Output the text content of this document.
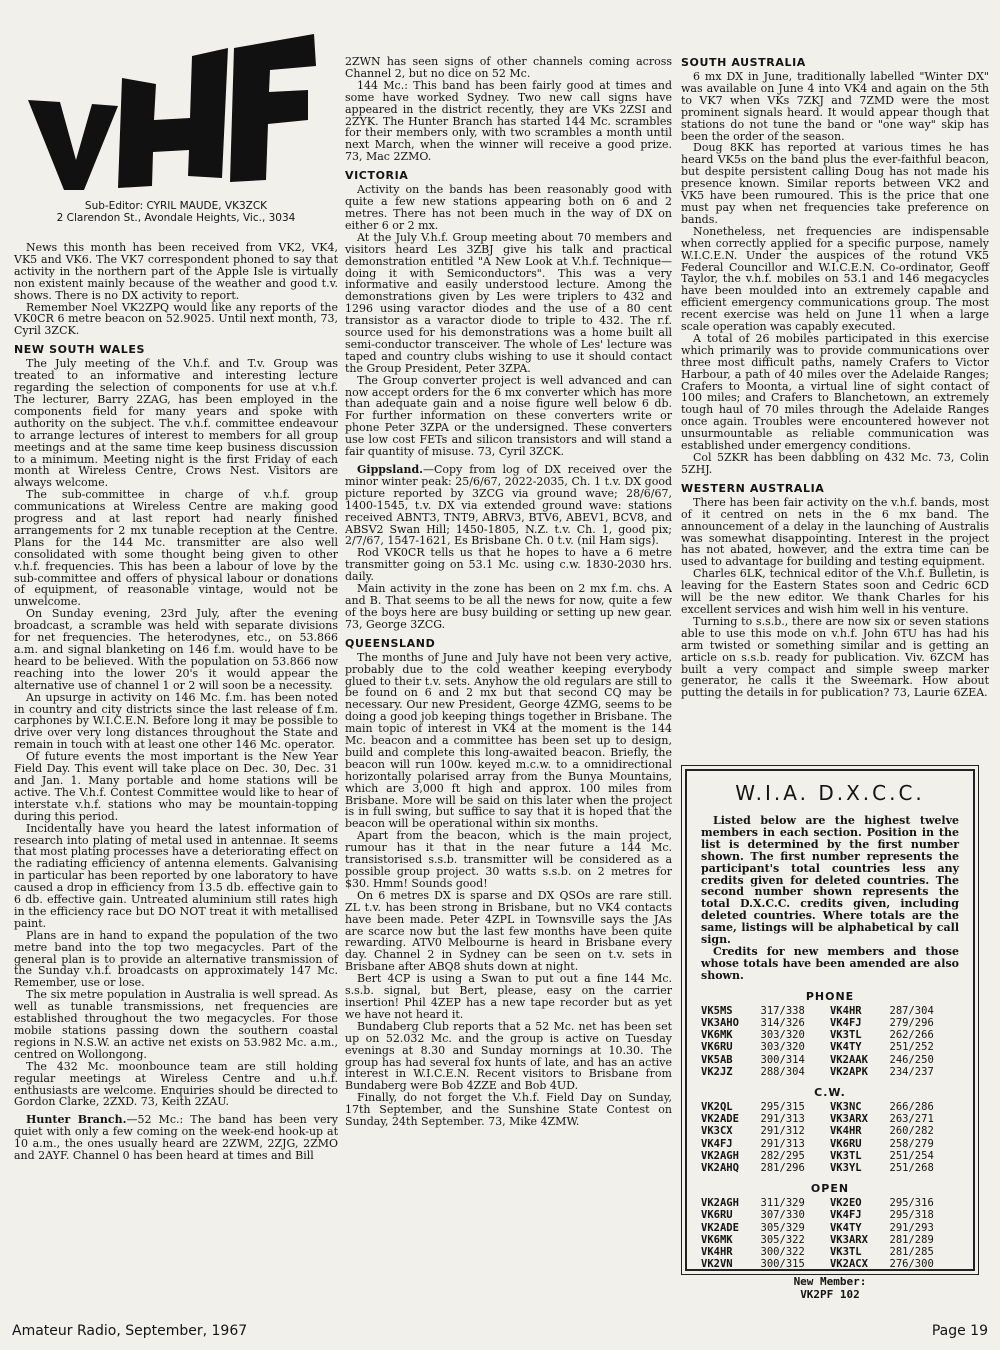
Sub-Editor: CYRIL MAUDE, VK3ZCK
2 Clarendon St., Avondale Heights, Vic., 3034

News this month has been received from VK2, VK4, VK5 and VK6. The VK7 correspondent phoned to say that activity in the northern part of the Apple Isle is virtually non existent mainly because of the weather and good t.v. shows. There is no DX activity to report.

Remember Noel VK2ZPQ would like any reports of the VK0CR 6 metre beacon on 52.9025. Until next month, 73, Cyril 3ZCK.

NEW SOUTH WALES

The July meeting of the V.h.f. and T.v. Group was treated to an informative and interesting lecture regarding the selection of components for use at v.h.f. The lecturer, Barry 2ZAG, has been employed in the components field for many years and spoke with authority on the subject. The v.h.f. committee endeavour to arrange lectures of interest to members for all group meetings and at the same time keep business discussion to a minimum. Meeting night is the first Friday of each month at Wireless Centre, Crows Nest. Visitors are always welcome.

The sub-committee in charge of v.h.f. group communications at Wireless Centre are making good progress and at last report had nearly finished arrangements for 2 mx tunable reception at the Centre. Plans for the 144 Mc. transmitter are also well consolidated with some thought being given to other v.h.f. frequencies. This has been a labour of love by the sub-committee and offers of physical labour or donations of equipment, of reasonable vintage, would not be unwelcome.

On Sunday evening, 23rd July, after the evening broadcast, a scramble was held with separate divisions for net frequencies. The heterodynes, etc., on 53.866 a.m. and signal blanketing on 146 f.m. would have to be heard to be believed. With the population on 53.866 now reaching into the lower 20's it would appear the alternative use of channel 1 or 2 will soon be a necessity.

An upsurge in activity on 146 Mc. f.m. has been noted in country and city districts since the last release of f.m. carphones by W.I.C.E.N. Before long it may be possible to drive over very long distances throughout the State and remain in touch with at least one other 146 Mc. operator.

Of future events the most important is the New Year Field Day. This event will take place on Dec. 30, Dec. 31 and Jan. 1. Many portable and home stations will be active. The V.h.f. Contest Committee would like to hear of interstate v.h.f. stations who may be mountain-topping during this period.

Incidentally have you heard the latest information of research into plating of metal used in antennae. It seems that most plating processes have a deteriorating effect on the radiating efficiency of antenna elements. Galvanising in particular has been reported by one laboratory to have caused a drop in efficiency from 13.5 db. effective gain to 6 db. effective gain. Untreated aluminium still rates high in the efficiency race but DO NOT treat it with metallised paint.

Plans are in hand to expand the population of the two metre band into the top two megacycles. Part of the general plan is to provide an alternative transmission of the Sunday v.h.f. broadcasts on approximately 147 Mc. Remember, use or lose.

The six metre population in Australia is well spread. As well as tunable transmissions, net frequencies are established throughout the two megacycles. For those mobile stations passing down the southern coastal regions in N.S.W. an active net exists on 53.982 Mc. a.m., centred on Wollongong.

The 432 Mc. moonbounce team are still holding regular meetings at Wireless Centre and u.h.f. enthusiasts are welcome. Enquiries should be directed to Gordon Clarke, 2ZXD. 73, Keith 2ZAU.

Hunter Branch.—52 Mc.: The band has been very quiet with only a few coming on the week-end hook-up at 10 a.m., the ones usually heard are 2ZWM, 2ZJG, 2ZMO and 2AYF. Channel 0 has been heard at times and Bill

2ZWN has seen signs of other channels coming across Channel 2, but no dice on 52 Mc.

144 Mc.: This band has been fairly good at times and some have worked Sydney. Two new call signs have appeared in the district recently, they are VKs 2ZSI and 2ZYK. The Hunter Branch has started 144 Mc. scrambles for their members only, with two scrambles a month until next March, when the winner will receive a good prize. 73, Mac 2ZMO.

VICTORIA

Activity on the bands has been reasonably good with quite a few new stations appearing both on 6 and 2 metres. There has not been much in the way of DX on either 6 or 2 mx.

At the July V.h.f. Group meeting about 70 members and visitors heard Les 3ZBJ give his talk and practical demonstration entitled "A New Look at V.h.f. Technique—doing it with Semiconductors". This was a very informative and easily understood lecture. Among the demonstrations given by Les were triplers to 432 and 1296 using varactor diodes and the use of a 80 cent transistor as a varactor diode to triple to 432. The r.f. source used for his demonstrations was a home built all semi-conductor transceiver. The whole of Les' lecture was taped and country clubs wishing to use it should contact the Group President, Peter 3ZPA.

The Group converter project is well advanced and can now accept orders for the 6 mx converter which has more than adequate gain and a noise figure well below 6 db. For further information on these converters write or phone Peter 3ZPA or the undersigned. These converters use low cost FETs and silicon transistors and will stand a fair quantity of misuse. 73, Cyril 3ZCK.

Gippsland.—Copy from log of DX received over the minor winter peak: 25/6/67, 2022-2035, Ch. 1 t.v. DX good picture reported by 3ZCG via ground wave; 28/6/67, 1400-1545, t.v. DX via extended ground wave: stations received ABNT3, TNT9, ABRV3, BTV6, ABEV1, BCV8, and ABSV2 Swan Hill; 1450-1805, N.Z. t.v. Ch. 1, good pix; 2/7/67, 1547-1621, Es Brisbane Ch. 0 t.v. (nil Ham sigs).

Rod VK0CR tells us that he hopes to have a 6 metre transmitter going on 53.1 Mc. using c.w. 1830-2030 hrs. daily.

Main activity in the zone has been on 2 mx f.m. chs. A and B. That seems to be all the news for now, quite a few of the boys here are busy building or setting up new gear. 73, George 3ZCG.

QUEENSLAND

The months of June and July have not been very active, probably due to the cold weather keeping everybody glued to their t.v. sets. Anyhow the old regulars are still to be found on 6 and 2 mx but that second CQ may be necessary. Our new President, George 4ZMG, seems to be doing a good job keeping things together in Brisbane. The main topic of interest in VK4 at the moment is the 144 Mc. beacon and a committee has been set up to design, build and complete this long-awaited beacon. Briefly, the beacon will run 100w. keyed m.c.w. to a omnidirectional horizontally polarised array from the Bunya Mountains, which are 3,000 ft high and approx. 100 miles from Brisbane. More will be said on this later when the project is in full swing, but suffice to say that it is hoped that the beacon will be operational within six months.

Apart from the beacon, which is the main project, rumour has it that in the near future a 144 Mc. transistorised s.s.b. transmitter will be considered as a possible group project. 30 watts s.s.b. on 2 metres for $30. Hmm! Sounds good!

On 6 metres DX is sparse and DX QSOs are rare still. ZL t.v. has been strong in Brisbane, but no VK4 contacts have been made. Peter 4ZPL in Townsville says the JAs are scarce now but the last few months have been quite rewarding. ATV0 Melbourne is heard in Brisbane every day. Channel 2 in Sydney can be seen on t.v. sets in Brisbane after ABQ8 shuts down at night.

Bert 4CP is using a Swan to put out a fine 144 Mc. s.s.b. signal, but Bert, please, easy on the carrier insertion! Phil 4ZEP has a new tape recorder but as yet we have not heard it.

Bundaberg Club reports that a 52 Mc. net has been set up on 52.032 Mc. and the group is active on Tuesday evenings at 8.30 and Sunday mornings at 10.30. The group has had several fox hunts of late, and has an active interest in W.I.C.E.N. Recent visitors to Brisbane from Bundaberg were Bob 4ZZE and Bob 4UD.

Finally, do not forget the V.h.f. Field Day on Sunday, 17th September, and the Sunshine State Contest on Sunday, 24th September. 73, Mike 4ZMW.

SOUTH AUSTRALIA

6 mx DX in June, traditionally labelled "Winter DX" was available on June 4 into VK4 and again on the 5th to VK7 when VKs 7ZKJ and 7ZMD were the most prominent signals heard. It would appear though that stations do not tune the band or "one way" skip has been the order of the season.

Doug 8KK has reported at various times he has heard VK5s on the band plus the ever-faithful beacon, but despite persistent calling Doug has not made his presence known. Similar reports between VK2 and VK5 have been rumoured. This is the price that one must pay when net frequencies take preference on bands.

Nonetheless, net frequencies are indispensable when correctly applied for a specific purpose, namely W.I.C.E.N. Under the auspices of the rotund VK5 Federal Councillor and W.I.C.E.N. Co-ordinator, Geoff Taylor, the v.h.f. mobiles on 53.1 and 146 megacycles have been moulded into an extremely capable and efficient emergency communications group. The most recent exercise was held on June 11 when a large scale operation was capably executed.

A total of 26 mobiles participated in this exercise which primarily was to provide communications over three most difficult paths, namely Crafers to Victor Harbour, a path of 40 miles over the Adelaide Ranges; Crafers to Moonta, a virtual line of sight contact of 100 miles; and Crafers to Blanchetown, an extremely tough haul of 70 miles through the Adelaide Ranges once again. Troubles were encountered however not unsurmountable as reliable communication was established under emergency conditions.

Col 5ZKR has been dabbling on 432 Mc. 73, Colin 5ZHJ.

WESTERN AUSTRALIA

There has been fair activity on the v.h.f. bands, most of it centred on nets in the 6 mx band. The announcement of a delay in the launching of Australis was somewhat disappointing. Interest in the project has not abated, however, and the extra time can be used to advantage for building and testing equipment.

Charles 6LK, technical editor of the V.h.f. Bulletin, is leaving for the Eastern States soon and Cedric 6CD will be the new editor. We thank Charles for his excellent services and wish him well in his venture.

Turning to s.s.b., there are now six or seven stations able to use this mode on v.h.f. John 6TU has had his arm twisted or something similar and is getting an article on s.s.b. ready for publication. Viv. 6ZCM has built a very compact and simple sweep marker generator, he calls it the Sweemark. How about putting the details in for publication? 73, Laurie 6ZEA.

W.I.A. D.X.C.C.

Listed below are the highest twelve members in each section. Position in the list is determined by the first number shown. The first number represents the participant's total countries less any credits given for deleted countries. The second number shown represents the total D.X.C.C. credits given, including deleted countries. Where totals are the same, listings will be alphabetical by call sign.

Credits for new members and those whose totals have been amended are also shown.

PHONE
VK5MS	317/338	VK4HR	287/304
VK3AHO	314/326	VK4FJ	279/296
VK6MK	303/320	VK3TL	262/266
VK6RU	303/320	VK4TY	251/252
VK5AB	300/314	VK2AAK	246/250
VK2JZ	288/304	VK2APK	234/237
C.W.
VK2QL	295/315	VK3NC	266/286
VK2ADE	291/313	VK3ARX	263/271
VK3CX	291/312	VK4HR	260/282
VK4FJ	291/313	VK6RU	258/279
VK2AGH	282/295	VK3TL	251/254
VK2AHQ	281/296	VK3YL	251/268
OPEN
VK2AGH	311/329	VK2EO	295/316
VK6RU	307/330	VK4FJ	295/318
VK2ADE	305/329	VK4TY	291/293
VK6MK	305/322	VK3ARX	281/289
VK4HR	300/322	VK3TL	281/285
VK2VN	300/315	VK2ACX	276/300
New Member:
VK2PF 102
Amateur Radio, September, 1967	Page 19
